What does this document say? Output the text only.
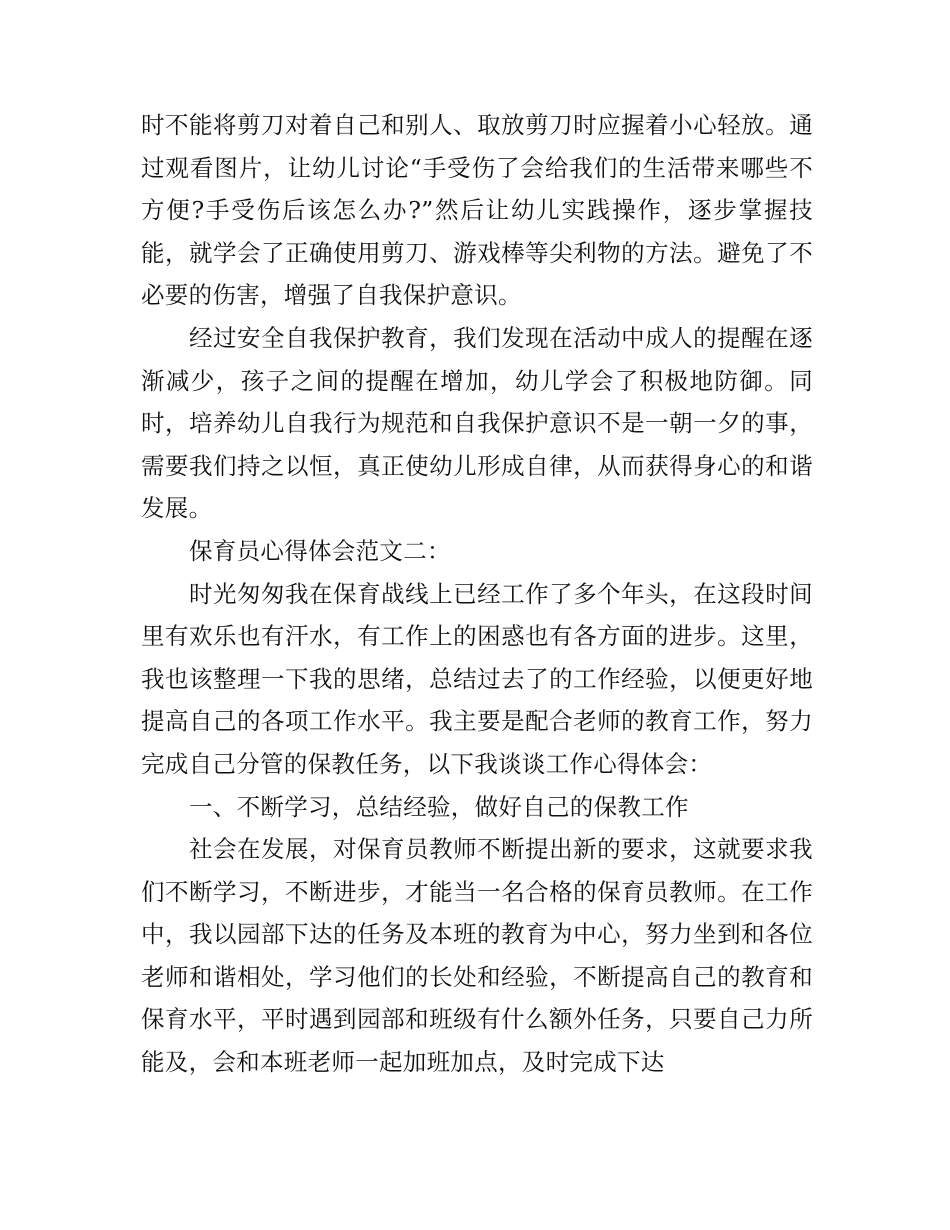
时不能将剪刀对着自己和别人、取放剪刀时应握着小心轻放。通过观看图片，让幼儿讨论“手受伤了会给我们的生活带来哪些不方便?手受伤后该怎么办?”然后让幼儿实践操作，逐步掌握技能，就学会了正确使用剪刀、游戏棒等尖利物的方法。避免了不必要的伤害，增强了自我保护意识。

经过安全自我保护教育，我们发现在活动中成人的提醒在逐渐减少，孩子之间的提醒在增加，幼儿学会了积极地防御。同时，培养幼儿自我行为规范和自我保护意识不是一朝一夕的事，需要我们持之以恒，真正使幼儿形成自律，从而获得身心的和谐发展。

保育员心得体会范文二：

时光匆匆我在保育战线上已经工作了多个年头，在这段时间里有欢乐也有汗水，有工作上的困惑也有各方面的进步。这里，我也该整理一下我的思绪，总结过去了的工作经验，以便更好地提高自己的各项工作水平。我主要是配合老师的教育工作，努力完成自己分管的保教任务，以下我谈谈工作心得体会：

一、不断学习，总结经验，做好自己的保教工作

社会在发展，对保育员教师不断提出新的要求，这就要求我们不断学习，不断进步，才能当一名合格的保育员教师。在工作中，我以园部下达的任务及本班的教育为中心，努力坐到和各位老师和谐相处，学习他们的长处和经验，不断提高自己的教育和保育水平，平时遇到园部和班级有什么额外任务，只要自己力所能及，会和本班老师一起加班加点，及时完成下达
